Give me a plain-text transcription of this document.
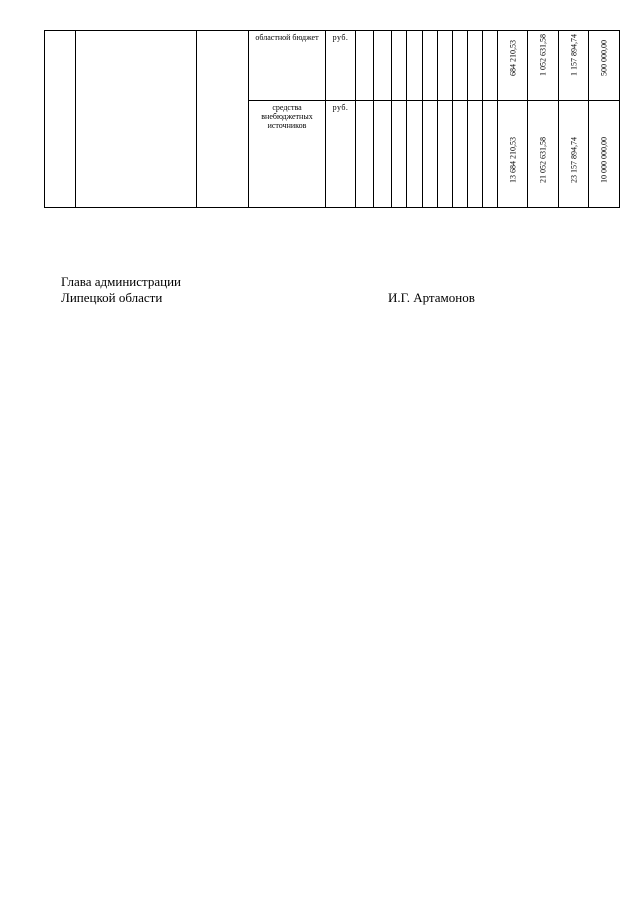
			областной бюджет	руб.										684 210,53	1 052 631,58	1 157 894,74	500 000,00

			средства внебюджетных источников	руб.										13 684 210,53	21 052 631,58	23 157 894,74	10 000 000,00
Глава администрации
Липецкой области	И.Г. Артамонов
